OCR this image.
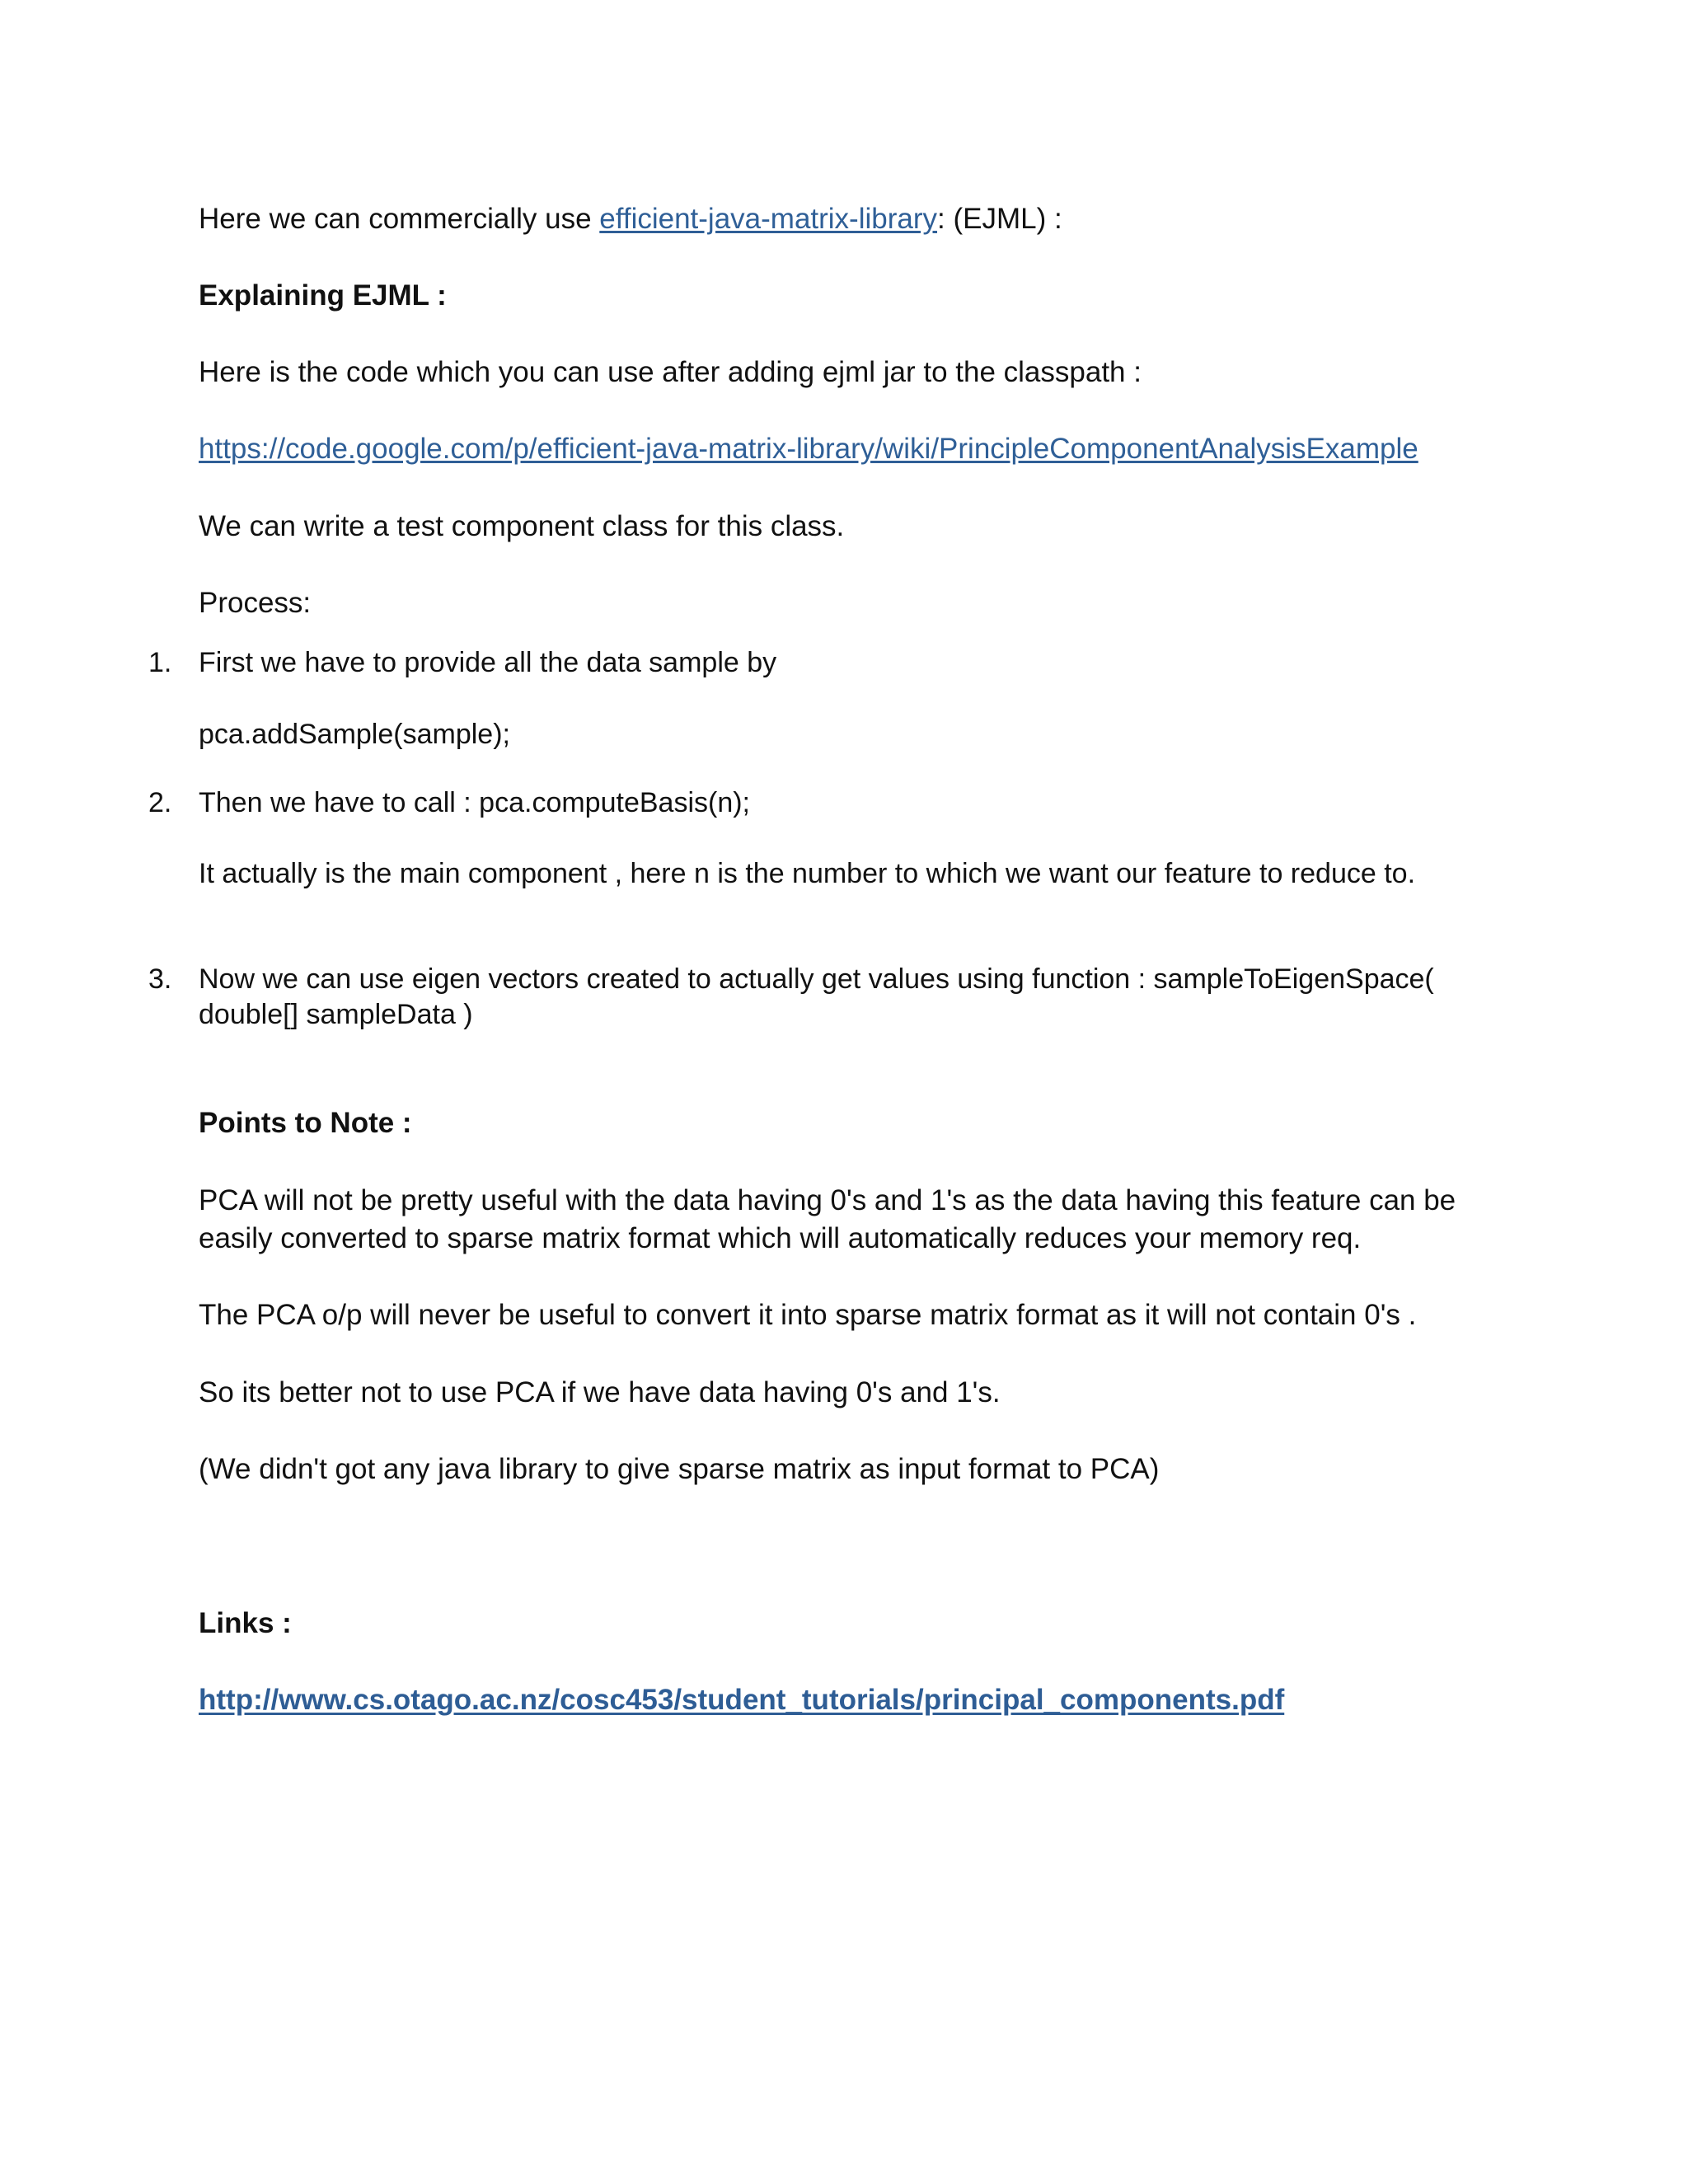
Here we can commercially use efficient-java-matrix-library: (EJML) :
Explaining EJML :
Here is the code which you can use after adding ejml jar to the classpath :
https://code.google.com/p/efficient-java-matrix-library/wiki/PrincipleComponentAnalysisExample
We can write a test component class for this class.
Process:
1. First we have to provide all the data sample by
pca.addSample(sample);
2. Then we have to call : pca.computeBasis(n);
It actually is the main component , here n is the number to which we want our feature to reduce to.
3. Now we can use eigen vectors created to actually get values using function : sampleToEigenSpace(
double[] sampleData )
Points to Note :
PCA will not be pretty useful with the data having 0's and 1's as the data having this feature can be
easily converted to sparse matrix format which will automatically reduces your memory req.
The PCA o/p will never be useful to convert it into sparse matrix format as it will not contain 0's .
So its better not to use PCA if we have data having 0's and 1's.
(We didn't got any java library to give sparse matrix as input format to PCA)
Links :
http://www.cs.otago.ac.nz/cosc453/student_tutorials/principal_components.pdf
